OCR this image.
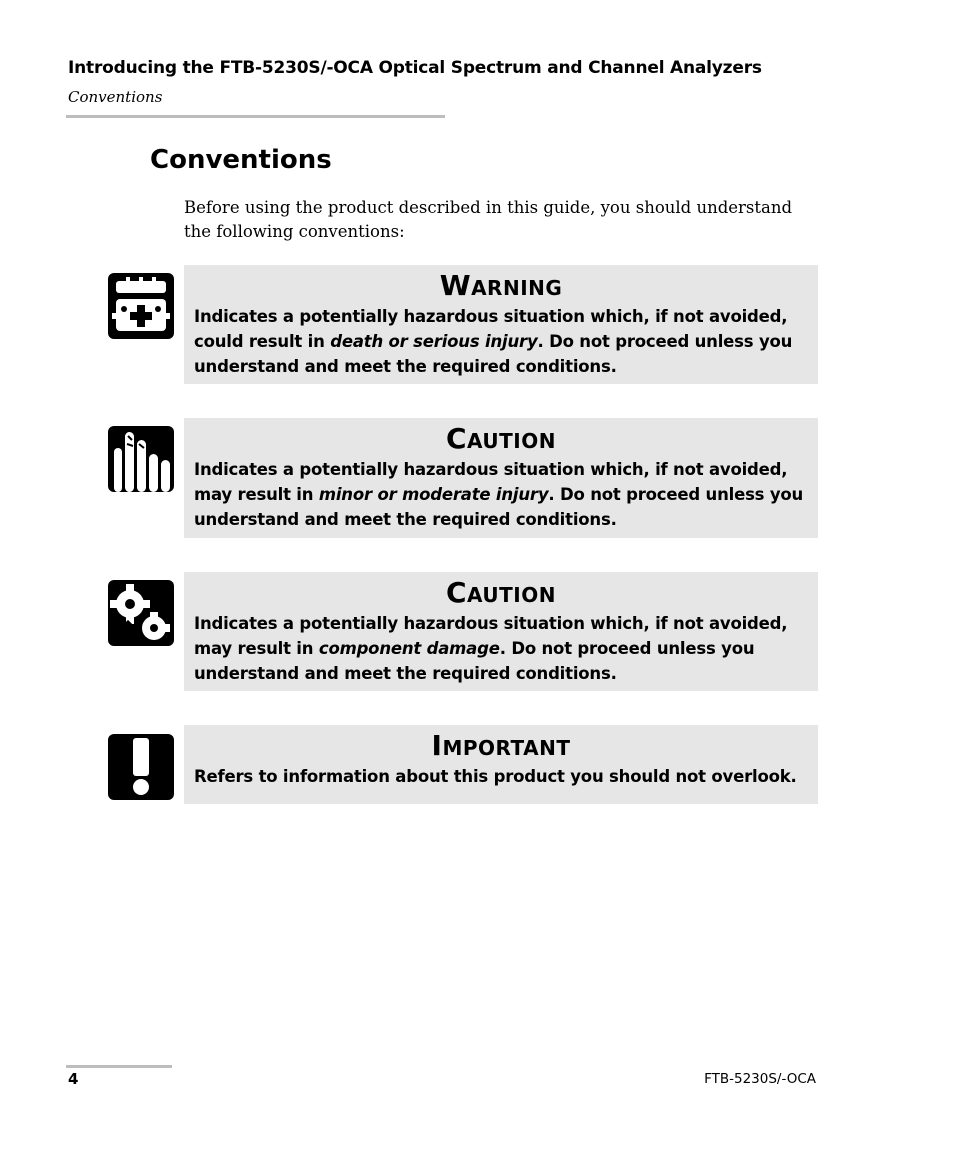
Introducing the FTB-5230S/-OCA Optical Spectrum and Channel Analyzers
Conventions
Conventions
Before using the product described in this guide, you should understand the following conventions:
Warning
Indicates a potentially hazardous situation which, if not avoided, could result in death or serious injury. Do not proceed unless you understand and meet the required conditions.
Caution
Indicates a potentially hazardous situation which, if not avoided, may result in minor or moderate injury. Do not proceed unless you understand and meet the required conditions.
Caution
Indicates a potentially hazardous situation which, if not avoided, may result in component damage. Do not proceed unless you understand and meet the required conditions.
Important
Refers to information about this product you should not overlook.
4	FTB-5230S/-OCA
